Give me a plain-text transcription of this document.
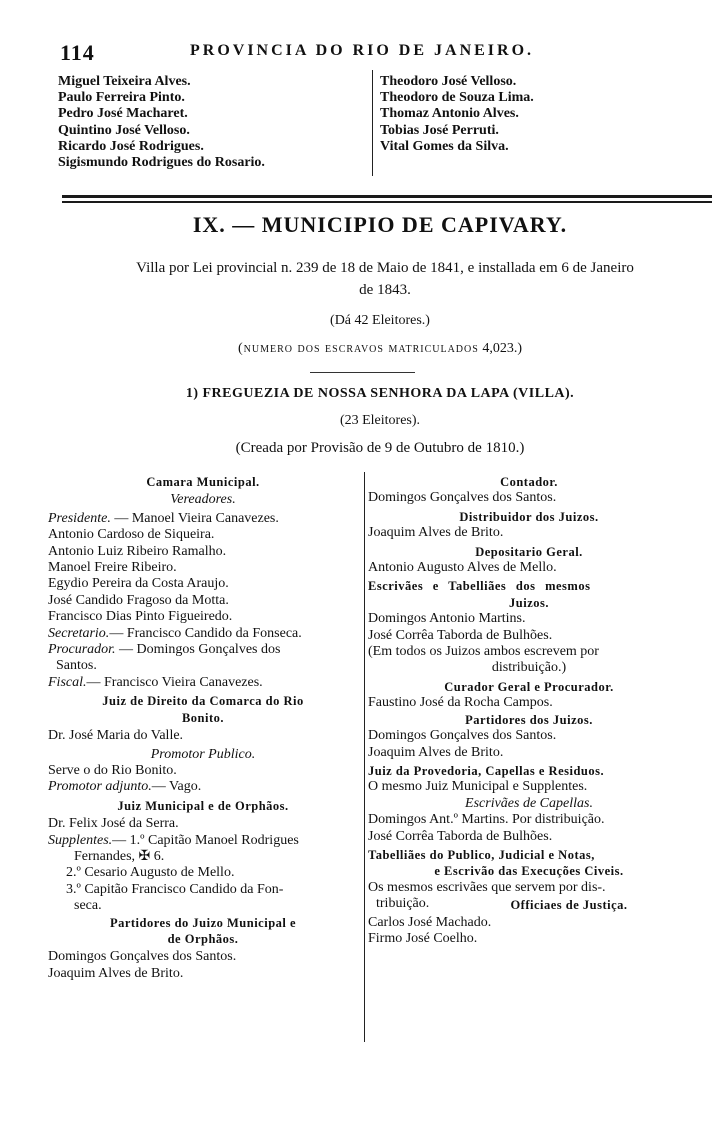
114	PROVINCIA DO RIO DE JANEIRO.
Miguel Teixeira Alves.
Paulo Ferreira Pinto.
Pedro José Macharet.
Quintino José Velloso.
Ricardo José Rodrigues.
Sigismundo Rodrigues do Rosario.
Theodoro José Velloso.
Theodoro de Souza Lima.
Thomaz Antonio Alves.
Tobias José Perruti.
Vital Gomes da Silva.
IX. — MUNICIPIO DE CAPIVARY.
Villa por Lei provincial n. 239 de 18 de Maio de 1841, e installada em 6 de Janeiro
de 1843.
(Dá 42 Eleitores.)
(numero dos escravos matriculados 4,023.)
1) FREGUEZIA DE NOSSA SENHORA DA LAPA (VILLA).
(23 Eleitores).
(Creada por Provisão de 9 de Outubro de 1810.)
Camara Municipal.
Vereadores.
Presidente. — Manoel Vieira Canavezes.
Antonio Cardoso de Siqueira.
Antonio Luiz Ribeiro Ramalho.
Manoel Freire Ribeiro.
Egydio Pereira da Costa Araujo.
José Candido Fragoso da Motta.
Francisco Dias Pinto Figueiredo.
Secretario.— Francisco Candido da Fonseca.
Procurador. — Domingos Gonçalves dos
Santos.
Fiscal.— Francisco Vieira Canavezes.
Juiz de Direito da Comarca do Rio
Bonito.
Dr. José Maria do Valle.
Promotor Publico.
Serve o do Rio Bonito.
Promotor adjunto.— Vago.
Juiz Municipal e de Orphãos.
Dr. Felix José da Serra.
Supplentes.— 1.º Capitão Manoel Rodrigues
Fernandes, ✠ 6.
2.º Cesario Augusto de Mello.
3.º Capitão Francisco Candido da Fon-
seca.
Partidores do Juizo Municipal e
de Orphãos.
Domingos Gonçalves dos Santos.
Joaquim Alves de Brito.
Contador.
Domingos Gonçalves dos Santos.
Distribuidor dos Juizos.
Joaquim Alves de Brito.
Depositario Geral.
Antonio Augusto Alves de Mello.
Escrivães e Tabelliães dos mesmos
Juizos.
Domingos Antonio Martins.
José Corrêa Taborda de Bulhões.
(Em todos os Juizos ambos escrevem por
distribuição.)
Curador Geral e Procurador.
Faustino José da Rocha Campos.
Partidores dos Juizos.
Domingos Gonçalves dos Santos.
Joaquim Alves de Brito.
Juiz da Provedoria, Capellas e Residuos.
O mesmo Juiz Municipal e Supplentes.
Escrivães de Capellas.
Domingos Ant.º Martins. Por distribuição.
José Corrêa Taborda de Bulhões.
Tabelliães do Publico, Judicial e Notas,
e Escrivão das Execuções Civeis.
Os mesmos escrivães que servem por dis-.
tribuição.	Officiaes de Justiça.
Carlos José Machado.
Firmo José Coelho.
